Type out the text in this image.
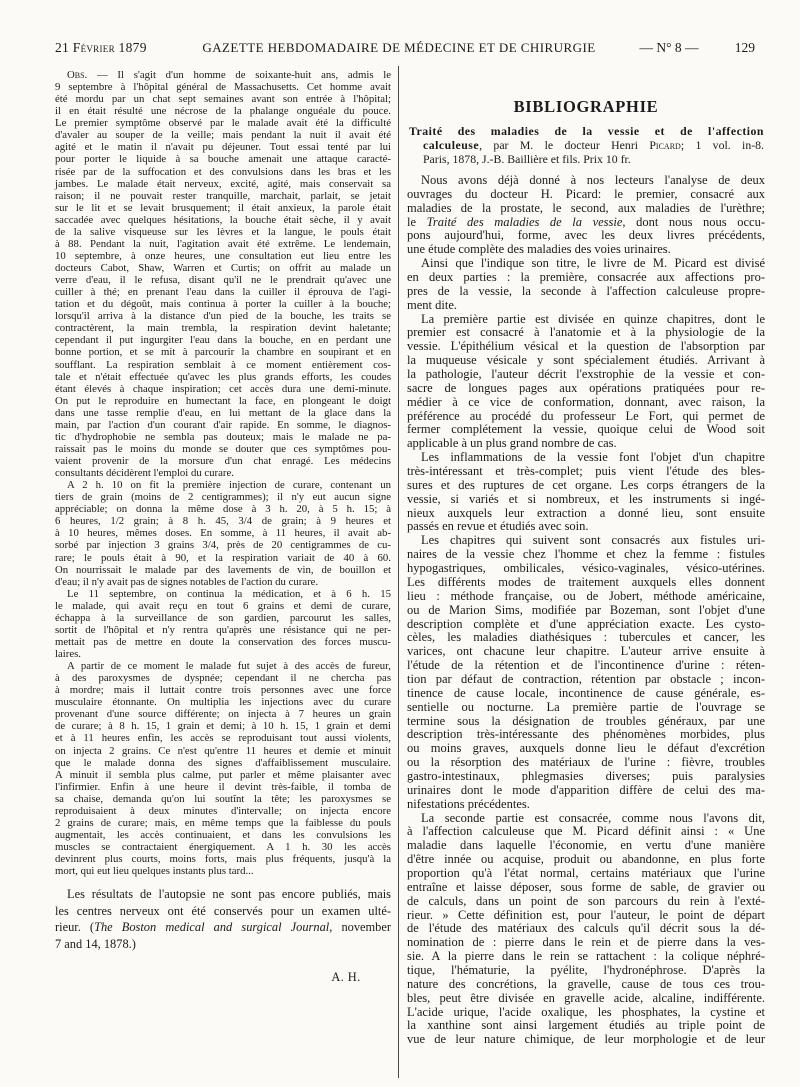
21 Février 1879	GAZETTE HEBDOMADAIRE DE MÉDECINE ET DE CHIRURGIE	— N° 8 —	129
Obs. — Il s'agit d'un homme de soixante-huit ans, admis le
9 septembre à l'hôpital général de Massachusetts. Cet homme avait
été mordu par un chat sept semaines avant son entrée à l'hôpital;
il en était résulté une nécrose de la phalange onguéale du pouce.
Le premier symptôme observé par le malade avait été la difficulté
d'avaler au souper de la veille; mais pendant la nuit il avait été
agité et le matin il n'avait pu déjeuner. Tout essai tenté par lui
pour porter le liquide à sa bouche amenait une attaque caracté-
risée par de la suffocation et des convulsions dans les bras et les
jambes. Le malade était nerveux, excité, agité, mais conservait sa
raison; il ne pouvait rester tranquille, marchait, parlait, se jetait
sur le lit et se levait brusquement; il était anxieux, la parole était
saccadée avec quelques hésitations, la bouche était sèche, il y avait
de la salive visqueuse sur les lèvres et la langue, le pouls était
à 88. Pendant la nuit, l'agitation avait été extrême. Le lendemain,
10 septembre, à onze heures, une consultation eut lieu entre les
docteurs Cabot, Shaw, Warren et Curtis; on offrit au malade un
verre d'eau, il le refusa, disant qu'il ne le prendrait qu'avec une
cuiller à thé; en prenant l'eau dans la cuiller il éprouva de l'agi-
tation et du dégoût, mais continua à porter la cuiller à la bouche;
lorsqu'il arriva à la distance d'un pied de la bouche, les traits se
contractèrent, la main trembla, la respiration devint haletante;
cependant il put ingurgiter l'eau dans la bouche, en en perdant une
bonne portion, et se mit à parcourir la chambre en soupirant et en
soufflant. La respiration semblait à ce moment entièrement cos-
tale et n'était effectuée qu'avec les plus grands efforts, les coudes
étant élevés à chaque inspiration; cet accès dura une demi-minute.
On put le reproduire en humectant la face, en plongeant le doigt
dans une tasse remplie d'eau, en lui mettant de la glace dans la
main, par l'action d'un courant d'air rapide. En somme, le diagnos-
tic d'hydrophobie ne sembla pas douteux; mais le malade ne pa-
raissait pas le moins du monde se douter que ces symptômes pou-
vaient provenir de la morsure d'un chat enragé. Les médecins
consultants décidèrent l'emploi du curare.
A 2 h. 10 on fit la première injection de curare, contenant un
tiers de grain (moins de 2 centigrammes); il n'y eut aucun signe
appréciable; on donna la même dose à 3 h. 20, à 5 h. 15; à
6 heures, 1/2 grain; à 8 h. 45, 3/4 de grain; à 9 heures et
à 10 heures, mêmes doses. En somme, à 11 heures, il avait ab-
sorbé par injection 3 grains 3/4, près de 20 centigrammes de cu-
rare; le pouls était à 90, et la respiration variait de 40 à 60.
On nourrissait le malade par des lavements de vin, de bouillon et
d'eau; il n'y avait pas de signes notables de l'action du curare.
Le 11 septembre, on continua la médication, et à 6 h. 15
le malade, qui avait reçu en tout 6 grains et demi de curare,
échappa à la surveillance de son gardien, parcourut les salles,
sortit de l'hôpital et n'y rentra qu'après une résistance qui ne per-
mettait pas de mettre en doute la conservation des forces muscu-
laires.
A partir de ce moment le malade fut sujet à des accès de fureur,
à des paroxysmes de dyspnée; cependant il ne chercha pas
à mordre; mais il luttait contre trois personnes avec une force
musculaire étonnante. On multiplia les injections avec du curare
provenant d'une source différente; on injecta à 7 heures un grain
de curare; à 8 h. 15, 1 grain et demi; à 10 h. 15, 1 grain et demi
et à 11 heures enfin, les accès se reproduisant tout aussi violents,
on injecta 2 grains. Ce n'est qu'entre 11 heures et demie et minuit
que le malade donna des signes d'affaiblissement musculaire.
A minuit il sembla plus calme, put parler et même plaisanter avec
l'infirmier. Enfin à une heure il devint très-faible, il tomba de
sa chaise, demanda qu'on lui soutînt la tête; les paroxysmes se
reproduisaient à deux minutes d'intervalle; on injecta encore
2 grains de curare; mais, en même temps que la faiblesse du pouls
augmentait, les accès continuaient, et dans les convulsions les
muscles se contractaient énergiquement. A 1 h. 30 les accès
devinrent plus courts, moins forts, mais plus fréquents, jusqu'à la
mort, qui eut lieu quelques instants plus tard...
Les résultats de l'autopsie ne sont pas encore publiés, mais
les centres nerveux ont été conservés pour un examen ulté-
rieur. (The Boston medical and surgical Journal, november
7 and 14, 1878.)
A. H.
BIBLIOGRAPHIE
Traité des maladies de la vessie et de l'affection
calculeuse, par M. le docteur Henri Picard; 1 vol. in-8.
Paris, 1878, J.-B. Baillière et fils. Prix 10 fr.
Nous avons déjà donné à nos lecteurs l'analyse de deux
ouvrages du docteur H. Picard: le premier, consacré aux
maladies de la prostate, le second, aux maladies de l'urèthre;
le Traité des maladies de la vessie, dont nous nous occu-
pons aujourd'hui, forme, avec les deux livres précédents,
une étude complète des maladies des voies urinaires.
Ainsi que l'indique son titre, le livre de M. Picard est divisé
en deux parties : la première, consacrée aux affections pro-
pres de la vessie, la seconde à l'affection calculeuse propre-
ment dite.
La première partie est divisée en quinze chapitres, dont le
premier est consacré à l'anatomie et à la physiologie de la
vessie. L'épithélium vésical et la question de l'absorption par
la muqueuse vésicale y sont spécialement étudiés. Arrivant à
la pathologie, l'auteur décrit l'exstrophie de la vessie et con-
sacre de longues pages aux opérations pratiquées pour re-
médier à ce vice de conformation, donnant, avec raison, la
préférence au procédé du professeur Le Fort, qui permet de
fermer complétement la vessie, quoique celui de Wood soit
applicable à un plus grand nombre de cas.
Les inflammations de la vessie font l'objet d'un chapitre
très-intéressant et très-complet; puis vient l'étude des bles-
sures et des ruptures de cet organe. Les corps étrangers de la
vessie, si variés et si nombreux, et les instruments si ingé-
nieux auxquels leur extraction a donné lieu, sont ensuite
passés en revue et étudiés avec soin.
Les chapitres qui suivent sont consacrés aux fistules uri-
naires de la vessie chez l'homme et chez la femme : fistules
hypogastriques, ombilicales, vésico-vaginales, vésico-utérines.
Les différents modes de traitement auxquels elles donnent
lieu : méthode française, ou de Jobert, méthode américaine,
ou de Marion Sims, modifiée par Bozeman, sont l'objet d'une
description complète et d'une appréciation exacte. Les cysto-
cèles, les maladies diathésiques : tubercules et cancer, les
varices, ont chacune leur chapitre. L'auteur arrive ensuite à
l'étude de la rétention et de l'incontinence d'urine : réten-
tion par défaut de contraction, rétention par obstacle ; incon-
tinence de cause locale, incontinence de cause générale, es-
sentielle ou nocturne. La première partie de l'ouvrage se
termine sous la désignation de troubles généraux, par une
description très-intéressante des phénomènes morbides, plus
ou moins graves, auxquels donne lieu le défaut d'excrétion
ou la résorption des matériaux de l'urine : fièvre, troubles
gastro-intestinaux, phlegmasies diverses; puis paralysies
urinaires dont le mode d'apparition diffère de celui des ma-
nifestations précédentes.
La seconde partie est consacrée, comme nous l'avons dit,
à l'affection calculeuse que M. Picard définit ainsi : « Une
maladie dans laquelle l'économie, en vertu d'une manière
d'être innée ou acquise, produit ou abandonne, en plus forte
proportion qu'à l'état normal, certains matériaux que l'urine
entraîne et laisse déposer, sous forme de sable, de gravier ou
de calculs, dans un point de son parcours du rein à l'exté-
rieur. » Cette définition est, pour l'auteur, le point de départ
de l'étude des matériaux des calculs qu'il décrit sous la dé-
nomination de : pierre dans le rein et de pierre dans la ves-
sie. A la pierre dans le rein se rattachent : la colique néphré-
tique, l'hématurie, la pyélite, l'hydronéphrose. D'après la
nature des concrétions, la gravelle, cause de tous ces trou-
bles, peut être divisée en gravelle acide, alcaline, indifférente.
L'acide urique, l'acide oxalique, les phosphates, la cystine et
la xanthine sont ainsi largement étudiés au triple point de
vue de leur nature chimique, de leur morphologie et de leur
